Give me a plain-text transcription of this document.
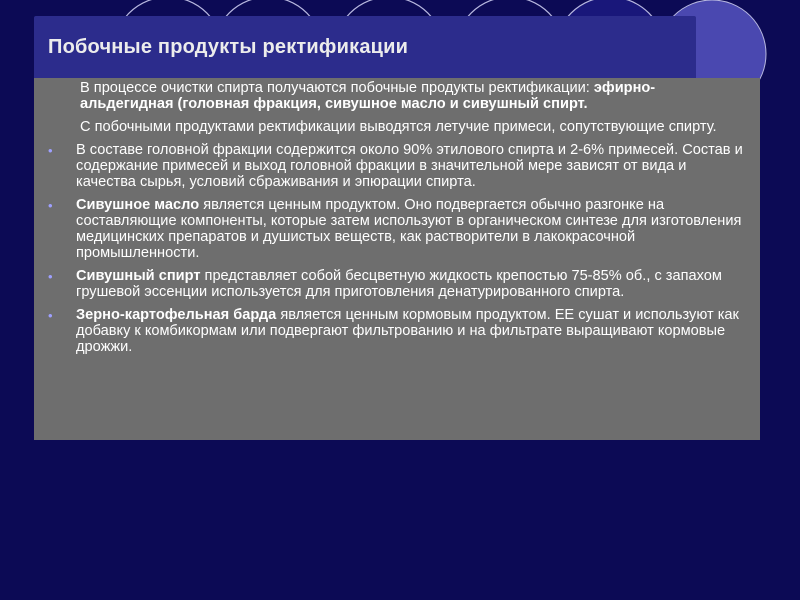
Побочные продукты ректификации

В процессе очистки спирта получаются побочные продукты ректификации: эфирно-альдегидная (головная фракция, сивушное масло и сивушный спирт.

С побочными продуктами ректификации выводятся летучие примеси, сопутствующие спирту.

• В составе головной фракции содержится около 90% этилового спирта и 2-6% примесей. Состав и содержание примесей и выход головной фракции в значительной мере зависят от вида и качества сырья, условий сбраживания и эпюрации спирта.

• Сивушное масло является ценным продуктом. Оно подвергается обычно разгонке на составляющие компоненты, которые затем используют в органическом синтезе для изготовления медицинских препаратов и душистых веществ, как растворители в лакокрасочной промышленности.

• Сивушный спирт представляет собой бесцветную жидкость крепостью 75-85% об., с запахом грушевой эссенции используется для приготовления денатурированного спирта.

• Зерно-картофельная барда является ценным кормовым продуктом. ЕЕ сушат и используют как добавку к комбикормам или подвергают фильтрованию и на фильтрате выращивают кормовые дрожжи.
